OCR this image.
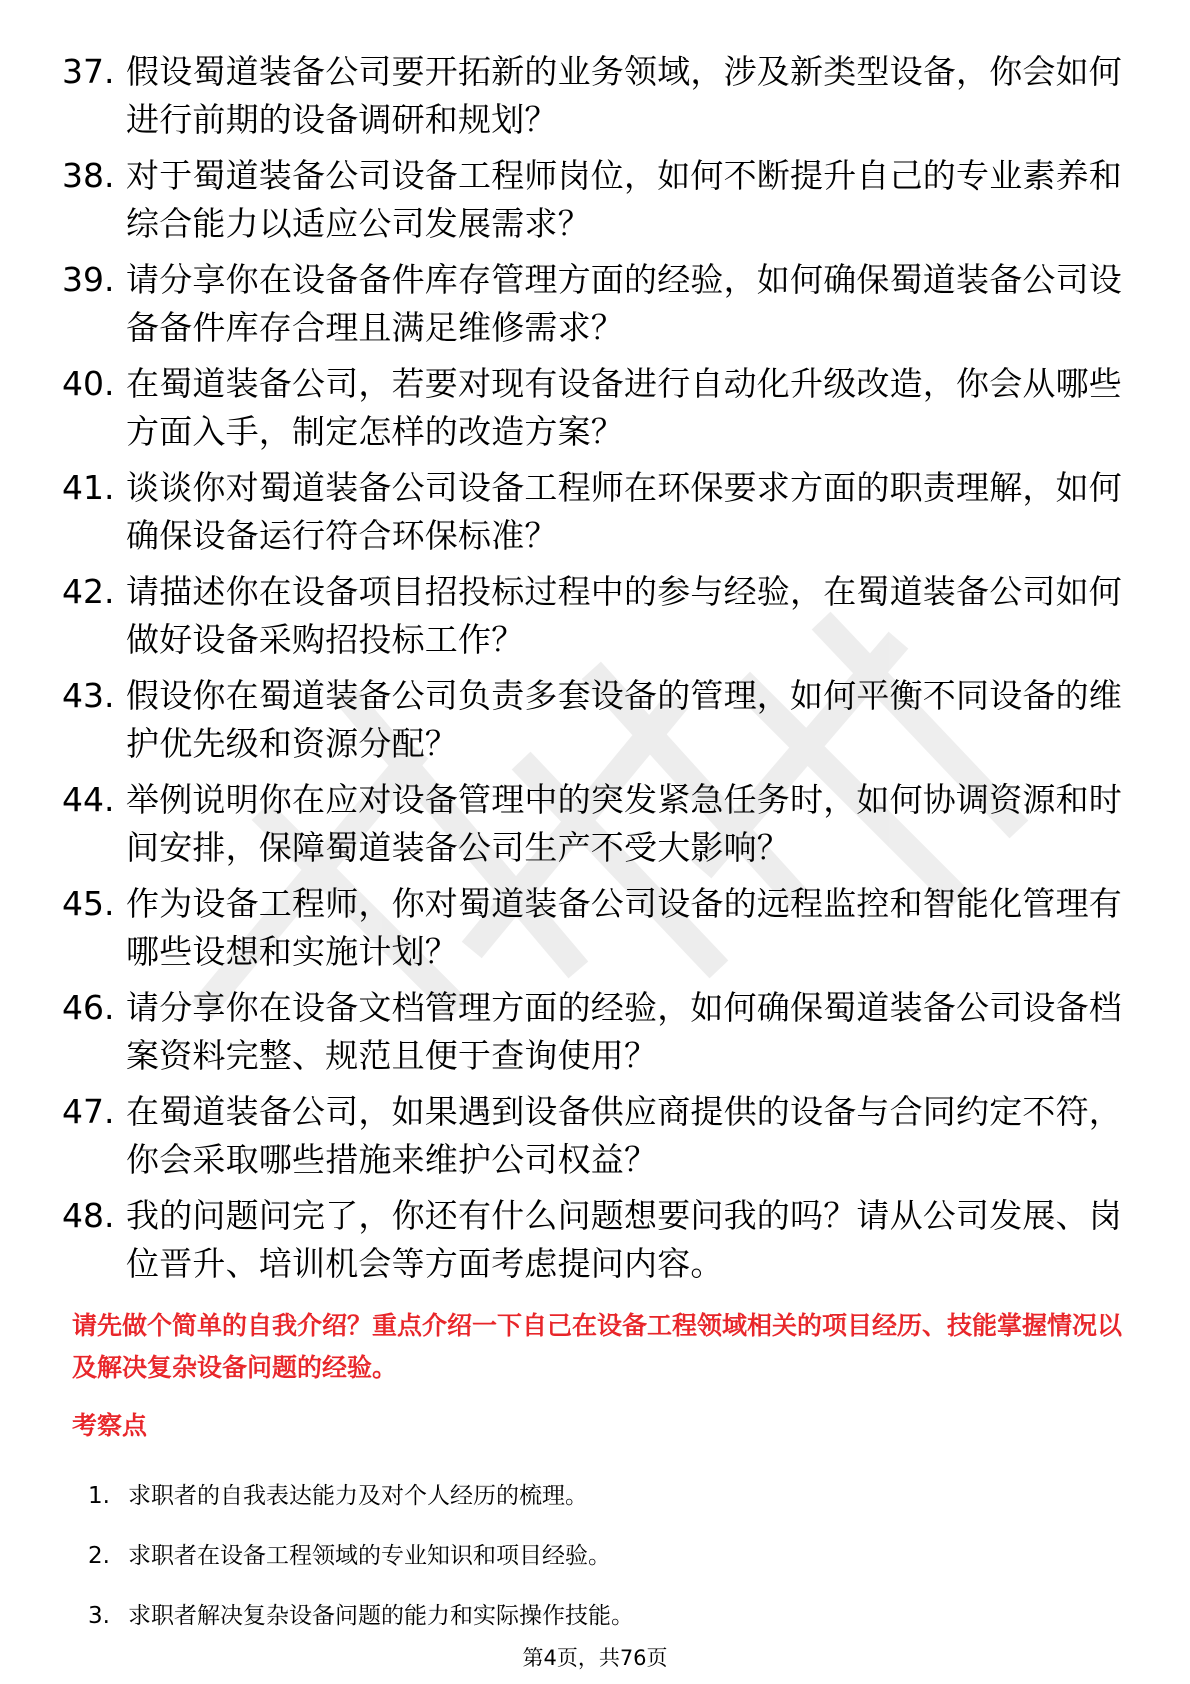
37. 假设蜀道装备公司要开拓新的业务领域，涉及新类型设备，你会如何进行前期的设备调研和规划？
38. 对于蜀道装备公司设备工程师岗位，如何不断提升自己的专业素养和综合能力以适应公司发展需求？
39. 请分享你在设备备件库存管理方面的经验，如何确保蜀道装备公司设备备件库存合理且满足维修需求？
40. 在蜀道装备公司，若要对现有设备进行自动化升级改造，你会从哪些方面入手，制定怎样的改造方案？
41. 谈谈你对蜀道装备公司设备工程师在环保要求方面的职责理解，如何确保设备运行符合环保标准？
42. 请描述你在设备项目招投标过程中的参与经验，在蜀道装备公司如何做好设备采购招投标工作？
43. 假设你在蜀道装备公司负责多套设备的管理，如何平衡不同设备的维护优先级和资源分配？
44. 举例说明你在应对设备管理中的突发紧急任务时，如何协调资源和时间安排，保障蜀道装备公司生产不受大影响？
45. 作为设备工程师，你对蜀道装备公司设备的远程监控和智能化管理有哪些设想和实施计划？
46. 请分享你在设备文档管理方面的经验，如何确保蜀道装备公司设备档案资料完整、规范且便于查询使用？
47. 在蜀道装备公司，如果遇到设备供应商提供的设备与合同约定不符，你会采取哪些措施来维护公司权益？
48. 我的问题问完了，你还有什么问题想要问我的吗？请从公司发展、岗位晋升、培训机会等方面考虑提问内容。
请先做个简单的自我介绍？重点介绍一下自己在设备工程领域相关的项目经历、技能掌握情况以及解决复杂设备问题的经验。
考察点
1. 求职者的自我表达能力及对个人经历的梳理。
2. 求职者在设备工程领域的专业知识和项目经验。
3. 求职者解决复杂设备问题的能力和实际操作技能。
第4页，共76页
